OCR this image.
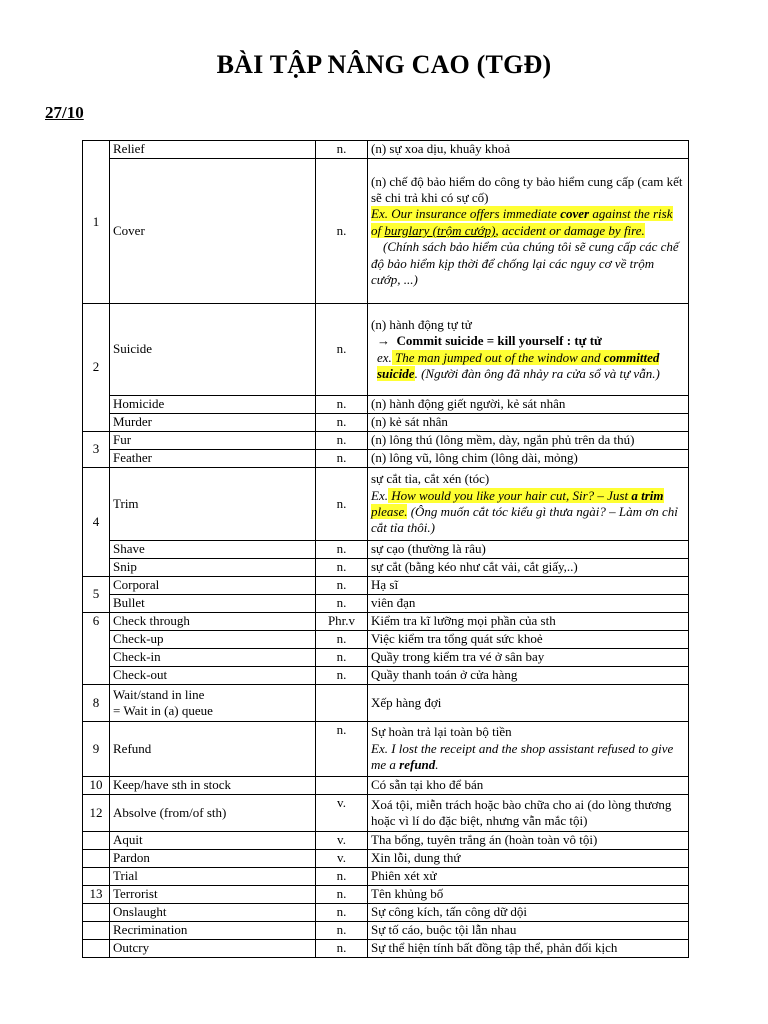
BÀI TẬP NÂNG CAO (TGĐ)
27/10
1	Relief	n.	(n) sự xoa dịu, khuây khoả
	Cover	n.	(n) chế độ bảo hiểm do công ty bảo hiểm cung cấp (cam kết sẽ chi trả khi có sự cố)
Ex. Our insurance offers immediate cover against the risk of burglary (trộm cướp), accident or damage by fire.
(Chính sách bảo hiểm của chúng tôi sẽ cung cấp các chế độ bảo hiểm kịp thời để chống lại các nguy cơ về trộm cướp, ...)

2	Suicide	n.	(n) hành động tự tử
→ Commit suicide = kill yourself : tự tử
ex. The man jumped out of the window and committed suicide. (Người đàn ông đã nhảy ra cửa sổ và tự vẫn.)

	Homicide	n.	(n) hành động giết người, kẻ sát nhân
	Murder	n.	(n) kẻ sát nhân
3	Fur	n.	(n) lông thú (lông mềm, dày, ngắn phủ trên da thú)
	Feather	n.	(n) lông vũ, lông chim (lông dài, mỏng)
4	Trim	n.	sự cắt tỉa, cắt xén (tóc)
Ex. How would you like your hair cut, Sir? – Just a trim please. (Ông muốn cắt tóc kiểu gì thưa ngài? – Làm ơn chỉ cắt tỉa thôi.)

	Shave	n.	sự cạo (thường là râu)
	Snip	n.	sự cắt (bằng kéo như cắt vải, cắt giấy,..)
5	Corporal	n.	Hạ sĩ
	Bullet	n.	viên đạn
6	Check through	Phr.v	Kiểm tra kĩ lưỡng mọi phần của sth
	Check-up	n.	Việc kiểm tra tổng quát sức khoẻ
	Check-in	n.	Quầy trong kiểm tra vé ở sân bay
	Check-out	n.	Quầy thanh toán ở cửa hàng
8	Wait/stand in line
= Wait in (a) queue		Xếp hàng đợi
9	Refund	n.	Sự hoàn trả lại toàn bộ tiền
Ex. I lost the receipt and the shop assistant refused to give me a refund.

10	Keep/have sth in stock		Có sẵn tại kho để bán
12	Absolve (from/of sth)	v.	Xoá tội, miễn trách hoặc bào chữa cho ai (do lòng thương hoặc vì lí do đặc biệt, nhưng vẫn mắc tội)
	Aquit	v.	Tha bổng, tuyên trắng án (hoàn toàn vô tội)
	Pardon	v.	Xin lỗi, dung thứ
	Trial	n.	Phiên xét xử
13	Terrorist	n.	Tên khủng bố
	Onslaught	n.	Sự công kích, tấn công dữ dội
	Recrimination	n.	Sự tố cáo, buộc tội lẫn nhau
	Outcry	n.	Sự thể hiện tính bất đồng tập thể, phản đối kịch
